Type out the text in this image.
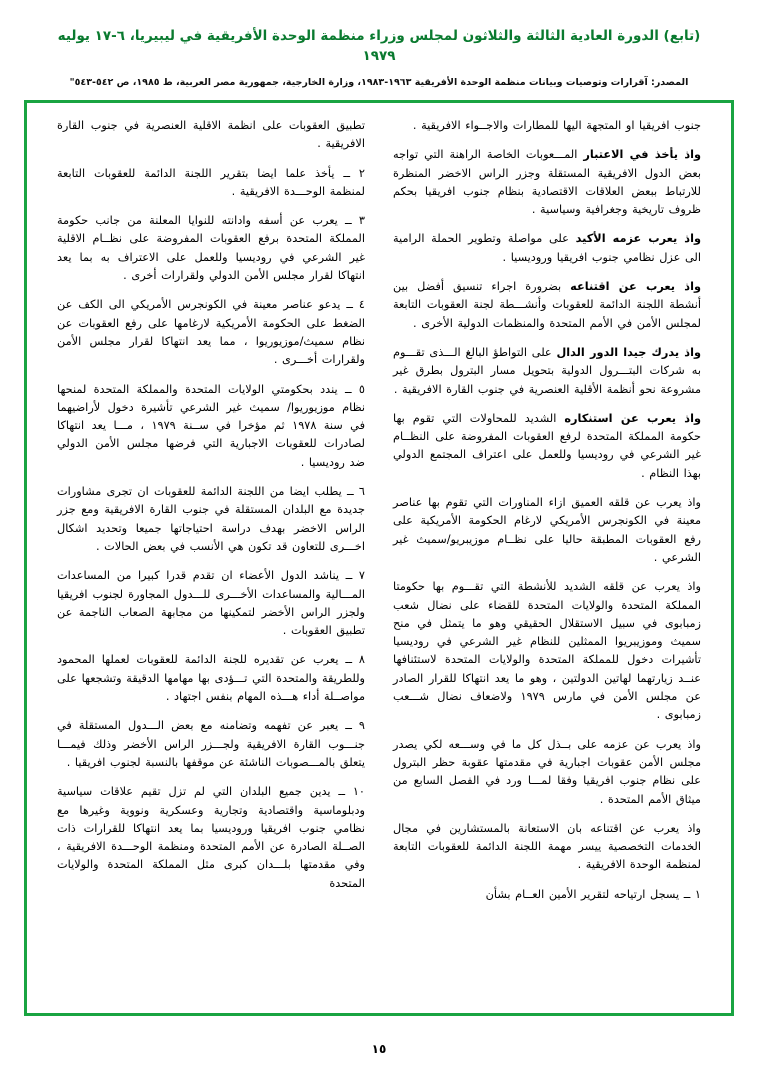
(تابع) الدورة العادية الثالثة والثلاثون لمجلس وزراء منظمة الوحدة الأفريقية في ليبيريا، ٦-١٧ يوليه ١٩٧٩
المصدر: آقرارات وتوصيات وبيانات منظمة الوحدة الأفريقية ١٩٦٣-١٩٨٣، وزارة الخارجية، جمهورية مصر العربية، ط ١٩٨٥، ص ٥٤٢-٥٤٣"

جنوب افريقيا او المتجهة اليها للمطارات والاجــواء الافريقية .

واذ يأخذ في الاعتبار المـــعوبات الخاصة الراهنة التي تواجه بعض الدول الافريقية المستقلة وجزر الراس الاخضر المنظرة للارتباط ببعض العلاقات الاقتصادية بنظام جنوب افريقيا بحكم ظروف تاريخية وجغرافية وسياسية .

واذ يعرب عزمه الأكيد على مواصلة وتطوير الحملة الرامية الى عزل نظامي جنوب افريقيا وروديسيا .

واذ يعرب عن اقتناعه بضرورة اجراء تنسيق أفضل بين أنشطة اللجنة الدائمة للعقوبات وأنشـــطة لجنة العقوبات التابعة لمجلس الأمن في الأمم المتحدة والمنظمات الدولية الأخرى .

واذ يدرك جيدا الدور الدال على التواطؤ البالغ الـــذى تقـــوم به شركات البتـــرول الدولية بتحويل مسار البترول بطرق غير مشروعة نحو أنظمة الأقلية العنصرية في جنوب القارة الافريقية .

واذ يعرب عن استنكاره الشديد للمحاولات التي تقوم بها حكومة المملكة المتحدة لرفع العقوبات المفروضة على النظــام غير الشرعي في روديسيا وللعمل على اعتراف المجتمع الدولي بهذا النظام .

واذ يعرب عن قلقه العميق ازاء المناورات التي تقوم بها عناصر معينة في الكونجرس الأمريكي لارغام الحكومة الأمريكية على رفع العقوبات المطبقة حاليا على نظــام موزيبريو/سميث غير الشرعي .

واذ يعرب عن قلقه الشديد للأنشطة التي تقـــوم بها حكومتا المملكة المتحدة والولايات المتحدة للقضاء على نضال شعب زمبابوى في سبيل الاستقلال الحقيقي وهو ما يتمثل في منح سميث وموزيبريوا الممثلين للنظام غير الشرعي في روديسيا تأشيرات دخول للمملكة المتحدة والولايات المتحدة لاستئنافها عنــد زيارتهما لهاتين الدولتين ، وهو ما يعد انتهاكا للقرار الصادر عن مجلس الأمن في مارس ١٩٧٩ ولاضعاف نضال شـــعب زمبابوى .

واذ يعرب عن عزمه على بــذل كل ما في وســـعه لكي يصدر مجلس الأمن عقوبات اجبارية في مقدمتها عقوبة حظر البترول على نظام جنوب افريقيا وفقا لمـــا ورد في الفصل السابع من ميثاق الأمم المتحدة .

واذ يعرب عن اقتناعه بان الاستعانة بالمستشارين في مجال الخدمات التخصصية ييسر مهمة اللجنة الدائمة للعقوبات التابعة لمنظمة الوحدة الافريقية .

١ ــ يسجل ارتياحه لتقرير الأمين العــام بشأن

تطبيق العقوبات على انظمة الاقلية العنصرية في جنوب القارة الافريقية .

٢ ــ يأخذ علما ايضا بتقرير اللجنة الدائمة للعقوبات التابعة لمنظمة الوحـــدة الافريقية .

٣ ــ يعرب عن أسفه وادانته للنوايا المعلنة من جانب حكومة المملكة المتحدة برفع العقوبات المفروضة على نظــام الاقلية غير الشرعي في روديسيا وللعمل على الاعتراف به بما يعد انتهاكا لقرار مجلس الأمن الدولي ولقرارات أخرى .

٤ ــ يدعو عناصر معينة في الكونجرس الأمريكي الى الكف عن الضغط على الحكومة الأمريكية لارغامها على رفع العقوبات عن نظام سميث/موزيوريوا ، مما يعد انتهاكا لقرار مجلس الأمن ولقرارات أخـــرى .

٥ ــ يندد بحكومتي الولايات المتحدة والمملكة المتحدة لمنحها نظام موزيوريوا/ سميث غير الشرعي تأشيرة دخول لأراضيهما في سنة ١٩٧٨ ثم مؤخرا في ســنة ١٩٧٩ ، مـــا يعد انتهاكا لصادرات للعقوبات الاجبارية التي فرضها مجلس الأمن الدولي ضد روديسيا .

٦ ــ يطلب ايضا من اللجنة الدائمة للعقوبات ان تجرى مشاورات جديدة مع البلدان المستقلة في جنوب القارة الافريقية ومع جزر الراس الاخضر بهدف دراسة احتياجاتها جميعا وتحديد اشكال اخـــرى للتعاون قد تكون هي الأنسب في بعض الحالات .

٧ ــ يناشد الدول الأعضاء ان تقدم قدرا كبيرا من المساعدات المـــالية والمساعدات الأخـــرى للـــدول المجاورة لجنوب افريقيا ولجزر الراس الأخضر لتمكينها من مجابهة الصعاب الناجمة عن تطبيق العقوبات .

٨ ــ يعرب عن تقديره للجنة الدائمة للعقوبات لعملها المحمود وللطريقة والمتحدة التي تـــؤدى بها مهامها الدقيقة وتشجعها على مواصــلة أداء هـــذه المهام بنفس اجتهاد .

٩ ــ يعبر عن تفهمه وتضامنه مع بعض الـــدول المستقلة في جنـــوب القارة الافريقية ولجـــزر الراس الأخضر وذلك فيمـــا يتعلق بالمـــصوبات الناشئة عن موقفها بالنسبة لجنوب افريقيا .

١٠ ــ يدين جميع البلدان التي لم تزل تقيم علاقات سياسية ودبلوماسية واقتصادية وتجارية وعسكرية ونووية وغيرها مع نظامي جنوب افريقيا وروديسيا بما يعد انتهاكا للقرارات ذات الصــلة الصادرة عن الأمم المتحدة ومنظمة الوحـــدة الافريقية ، وفي مقدمتها بلـــدان كبرى مثل المملكة المتحدة والولايات المتحدة

١٥
